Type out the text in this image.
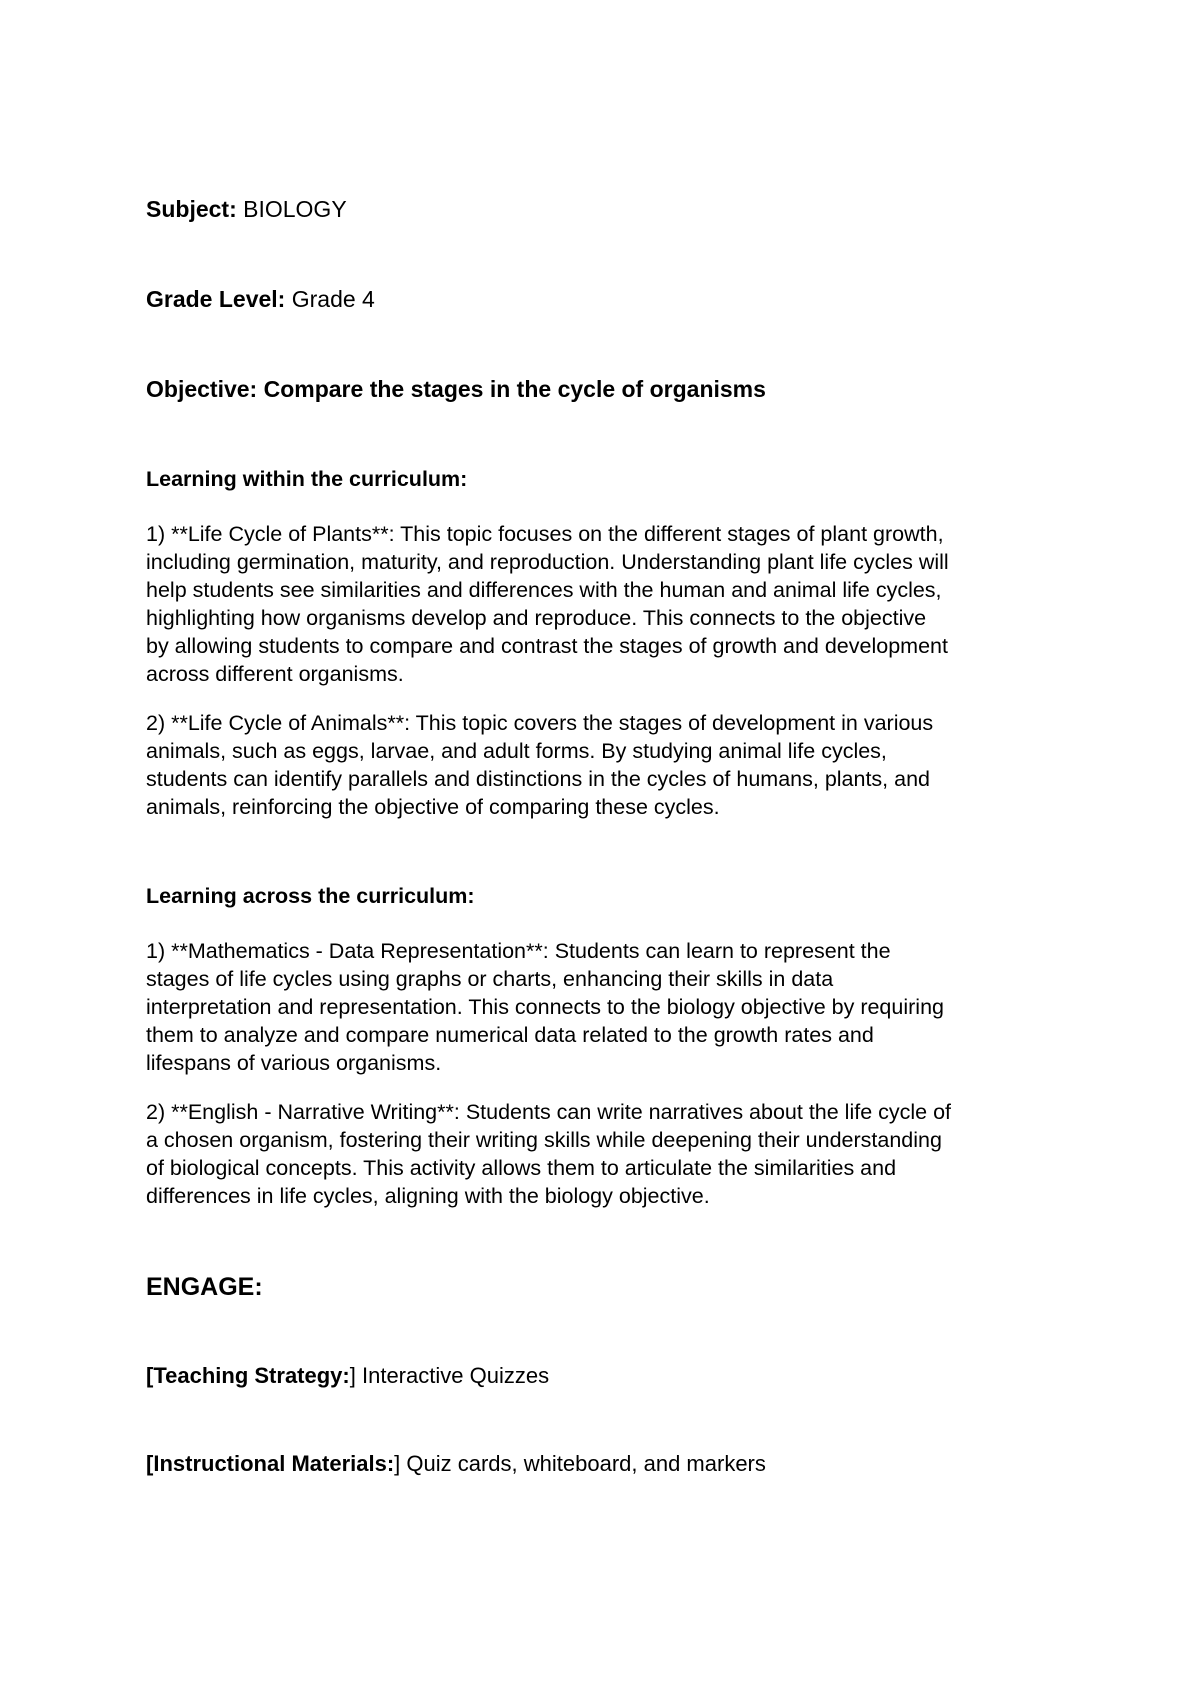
Subject: BIOLOGY

Grade Level: Grade 4

Objective: Compare the stages in the cycle of organisms

Learning within the curriculum:

1) **Life Cycle of Plants**: This topic focuses on the different stages of plant growth,
including germination, maturity, and reproduction. Understanding plant life cycles will
help students see similarities and differences with the human and animal life cycles,
highlighting how organisms develop and reproduce. This connects to the objective
by allowing students to compare and contrast the stages of growth and development
across different organisms.
2) **Life Cycle of Animals**: This topic covers the stages of development in various
animals, such as eggs, larvae, and adult forms. By studying animal life cycles,
students can identify parallels and distinctions in the cycles of humans, plants, and
animals, reinforcing the objective of comparing these cycles.

Learning across the curriculum:

1) **Mathematics - Data Representation**: Students can learn to represent the
stages of life cycles using graphs or charts, enhancing their skills in data
interpretation and representation. This connects to the biology objective by requiring
them to analyze and compare numerical data related to the growth rates and
lifespans of various organisms.
2) **English - Narrative Writing**: Students can write narratives about the life cycle of
a chosen organism, fostering their writing skills while deepening their understanding
of biological concepts. This activity allows them to articulate the similarities and
differences in life cycles, aligning with the biology objective.

ENGAGE:

[Teaching Strategy:] Interactive Quizzes

[Instructional Materials:] Quiz cards, whiteboard, and markers
